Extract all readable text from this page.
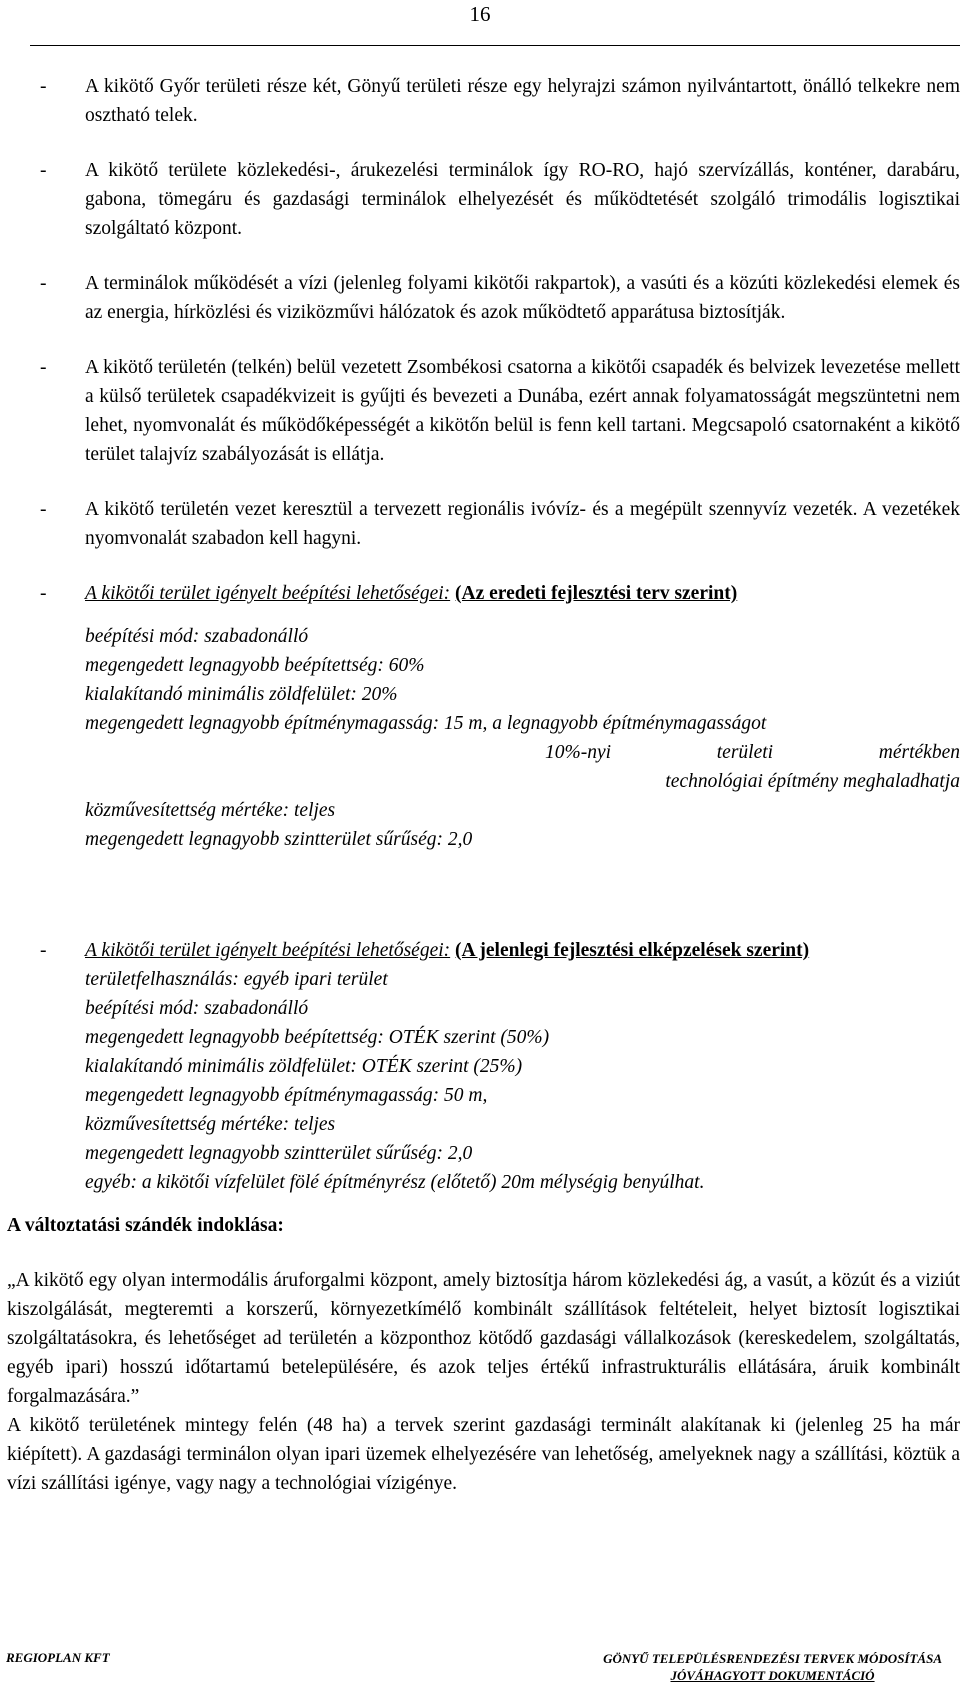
16

- A kikötő Győr területi része két, Gönyű területi része egy helyrajzi számon nyilvántartott, önálló telkekre nem osztható telek.

- A kikötő területe közlekedési-, árukezelési terminálok így RO-RO, hajó szervízállás, konténer, darabáru, gabona, tömegáru és gazdasági terminálok elhelyezését és működtetését szolgáló trimodális logisztikai szolgáltató központ.

- A terminálok működését a vízi (jelenleg folyami kikötői rakpartok), a vasúti és a közúti közlekedési elemek és az energia, hírközlési és viziközművi hálózatok és azok működtető apparátusa biztosítják.

- A kikötő területén (telkén) belül vezetett Zsombékosi csatorna a kikötői csapadék és belvizek levezetése mellett a külső területek csapadékvizeit is gyűjti és bevezeti a Dunába, ezért annak folyamatosságát megszüntetni nem lehet, nyomvonalát és működőképességét a kikötőn belül is fenn kell tartani. Megcsapoló csatornaként a kikötő terület talajvíz szabályozását is ellátja.

- A kikötő területén vezet keresztül a tervezett regionális ivóvíz- és a megépült szennyvíz vezeték. A vezetékek nyomvonalát szabadon kell hagyni.

- A kikötői terület igényelt beépítési lehetőségei: (Az eredeti fejlesztési terv szerint)
beépítési mód: szabadonálló
megengedett legnagyobb beépítettség: 60%
kialakítandó minimális zöldfelület: 20%
megengedett legnagyobb építménymagasság: 15 m, a legnagyobb építménymagasságot
10%-nyi területi mértékben
technológiai építmény meghaladhatja
közművesítettség mértéke: teljes
megengedett legnagyobb szintterület sűrűség: 2,0
- A kikötői terület igényelt beépítési lehetőségei: (A jelenlegi fejlesztési elképzelések szerint)
területfelhasználás: egyéb ipari terület
beépítési mód: szabadonálló
megengedett legnagyobb beépítettség: OTÉK szerint (50%)
kialakítandó minimális zöldfelület: OTÉK szerint (25%)
megengedett legnagyobb építménymagasság: 50 m,
közművesítettség mértéke: teljes
megengedett legnagyobb szintterület sűrűség: 2,0
egyéb: a kikötői vízfelület fölé építményrész (előtető) 20m mélységig benyúlhat.

A változtatási szándék indoklása:

„A kikötő egy olyan intermodális áruforgalmi központ, amely biztosítja három közlekedési ág, a vasút, a közút és a viziút kiszolgálását, megteremti a korszerű, környezetkímélő kombinált szállítások feltételeit, helyet biztosít logisztikai szolgáltatásokra, és lehetőséget ad területén a központhoz kötődő gazdasági vállalkozások (kereskedelem, szolgáltatás, egyéb ipari) hosszú időtartamú betelepülésére, és azok teljes értékű infrastrukturális ellátására, áruik kombinált forgalmazására.”

A kikötő területének mintegy felén (48 ha) a tervek szerint gazdasági terminált alakítanak ki (jelenleg 25 ha már kiépített). A gazdasági terminálon olyan ipari üzemek elhelyezésére van lehetőség, amelyeknek nagy a szállítási, köztük a vízi szállítási igénye, vagy nagy a technológiai vízigénye.

REGIOPLAN KFT	GÖNYŰ TELEPÜLÉSRENDEZÉSI TERVEK MÓDOSÍTÁSA
JÓVÁHAGYOTT DOKUMENTÁCIÓ
